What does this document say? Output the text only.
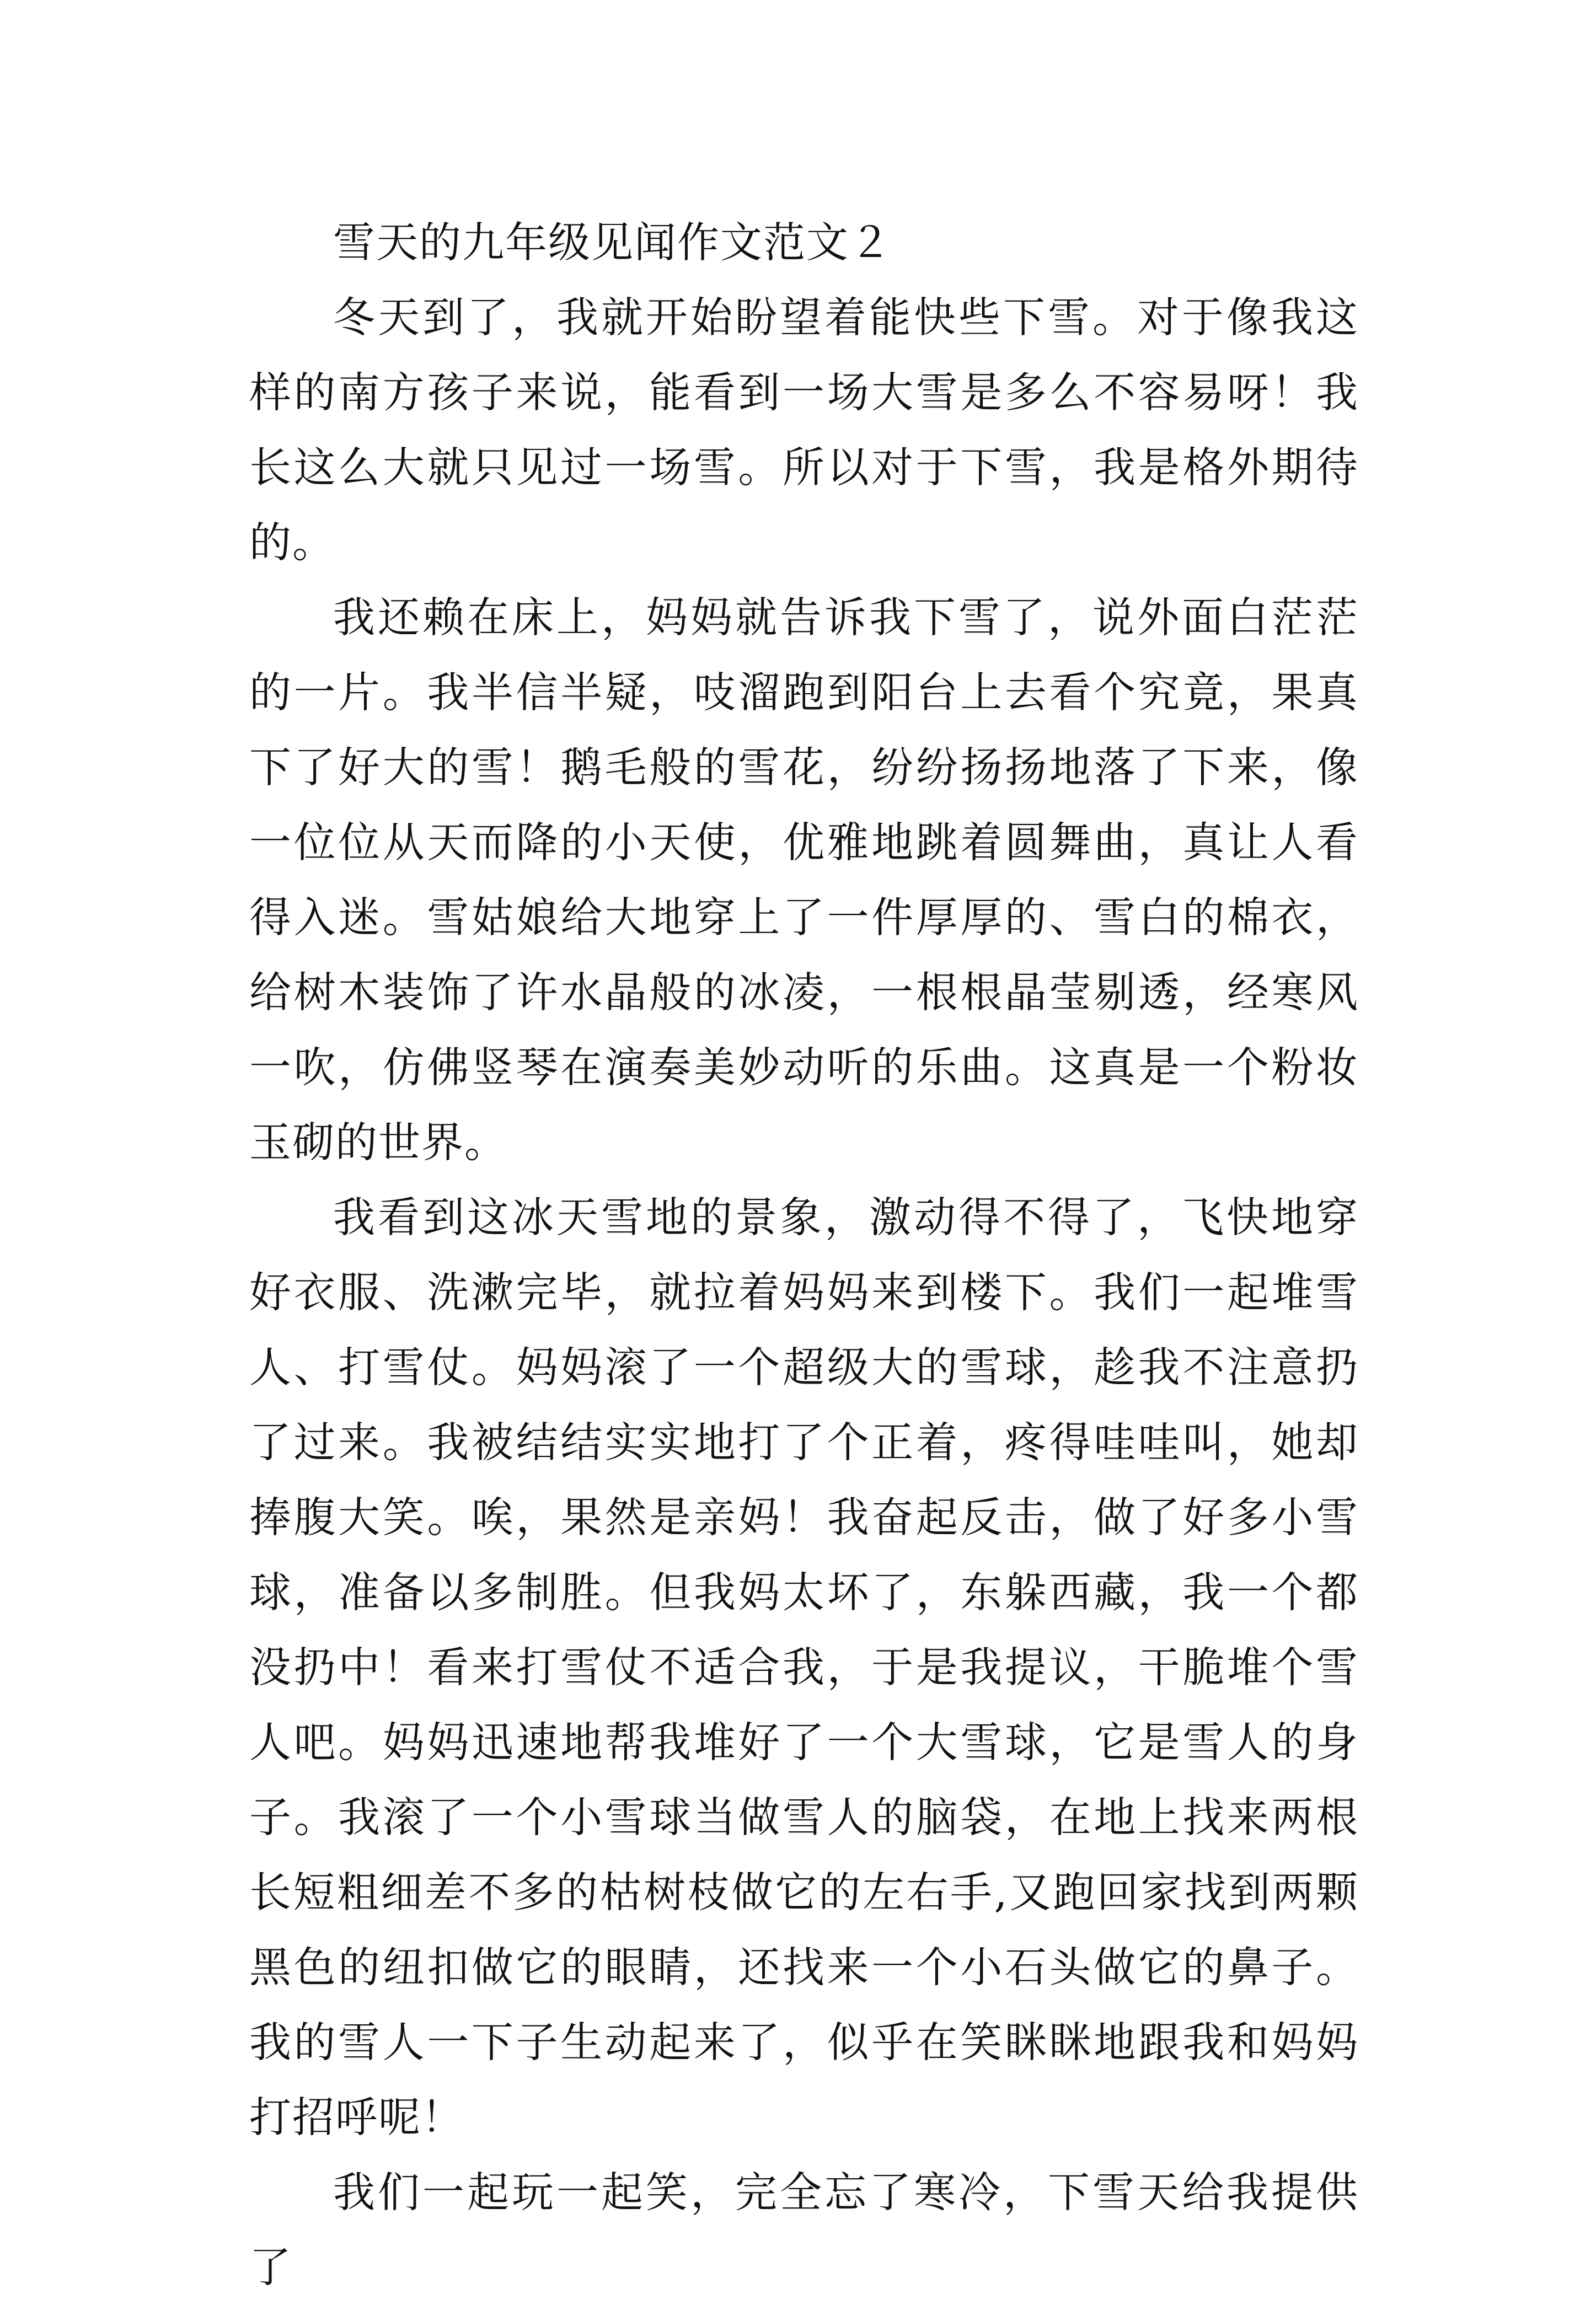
雪天的九年级见闻作文范文２

冬天到了，我就开始盼望着能快些下雪。对于像我这样的南方孩子来说，能看到一场大雪是多么不容易呀！我长这么大就只见过一场雪。所以对于下雪，我是格外期待的。

我还赖在床上，妈妈就告诉我下雪了，说外面白茫茫的一片。我半信半疑，吱溜跑到阳台上去看个究竟，果真下了好大的雪！鹅毛般的雪花，纷纷扬扬地落了下来，像一位位从天而降的小天使，优雅地跳着圆舞曲，真让人看得入迷。雪姑娘给大地穿上了一件厚厚的、雪白的棉衣，给树木装饰了许水晶般的冰凌，一根根晶莹剔透，经寒风一吹，仿佛竖琴在演奏美妙动听的乐曲。这真是一个粉妆玉砌的世界。

我看到这冰天雪地的景象，激动得不得了，飞快地穿好衣服、洗漱完毕，就拉着妈妈来到楼下。我们一起堆雪人、打雪仗。妈妈滚了一个超级大的雪球，趁我不注意扔了过来。我被结结实实地打了个正着，疼得哇哇叫，她却捧腹大笑。唉，果然是亲妈！我奋起反击，做了好多小雪球，准备以多制胜。但我妈太坏了，东躲西藏，我一个都没扔中！看来打雪仗不适合我，于是我提议，干脆堆个雪人吧。妈妈迅速地帮我堆好了一个大雪球，它是雪人的身子。我滚了一个小雪球当做雪人的脑袋，在地上找来两根长短粗细差不多的枯树枝做它的左右手,又跑回家找到两颗黑色的纽扣做它的眼睛，还找来一个小石头做它的鼻子。我的雪人一下子生动起来了，似乎在笑眯眯地跟我和妈妈打招呼呢！

我们一起玩一起笑，完全忘了寒冷，下雪天给我提供了
